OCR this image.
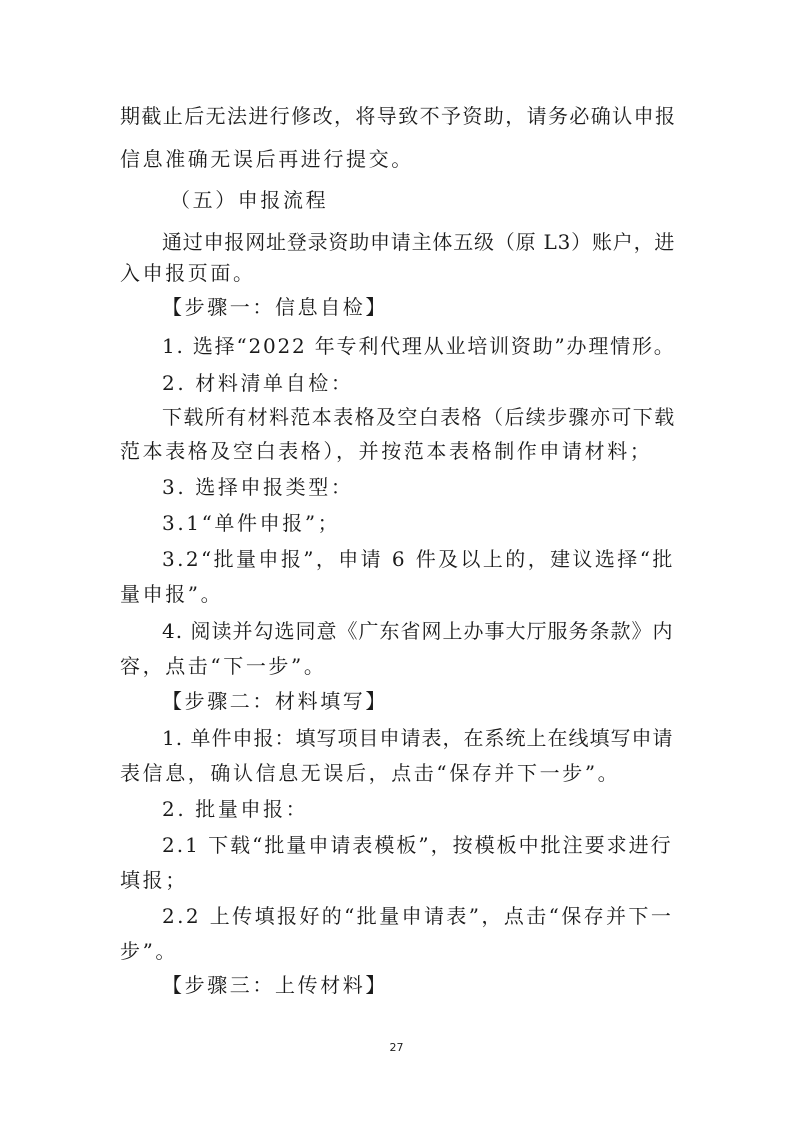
期截止后无法进行修改，将导致不予资助，请务必确认申报
信息准确无误后再进行提交。
（五）申报流程
通过申报网址登录资助申请主体五级（原 L3）账户，进
入申报页面。
【步骤一：信息自检】
1. 选择“2022 年专利代理从业培训资助”办理情形。
2. 材料清单自检：
下载所有材料范本表格及空白表格（后续步骤亦可下载
范本表格及空白表格），并按范本表格制作申请材料；
3. 选择申报类型：
3.1“单件申报”；
3.2“批量申报”，申请 6 件及以上的，建议选择“批
量申报”。
4. 阅读并勾选同意《广东省网上办事大厅服务条款》内
容，点击“下一步”。
【步骤二：材料填写】
1. 单件申报：填写项目申请表，在系统上在线填写申请
表信息，确认信息无误后，点击“保存并下一步”。
2. 批量申报：
2.1 下载“批量申请表模板”，按模板中批注要求进行
填报；
2.2 上传填报好的“批量申请表”，点击“保存并下一
步”。
【步骤三：上传材料】
27
